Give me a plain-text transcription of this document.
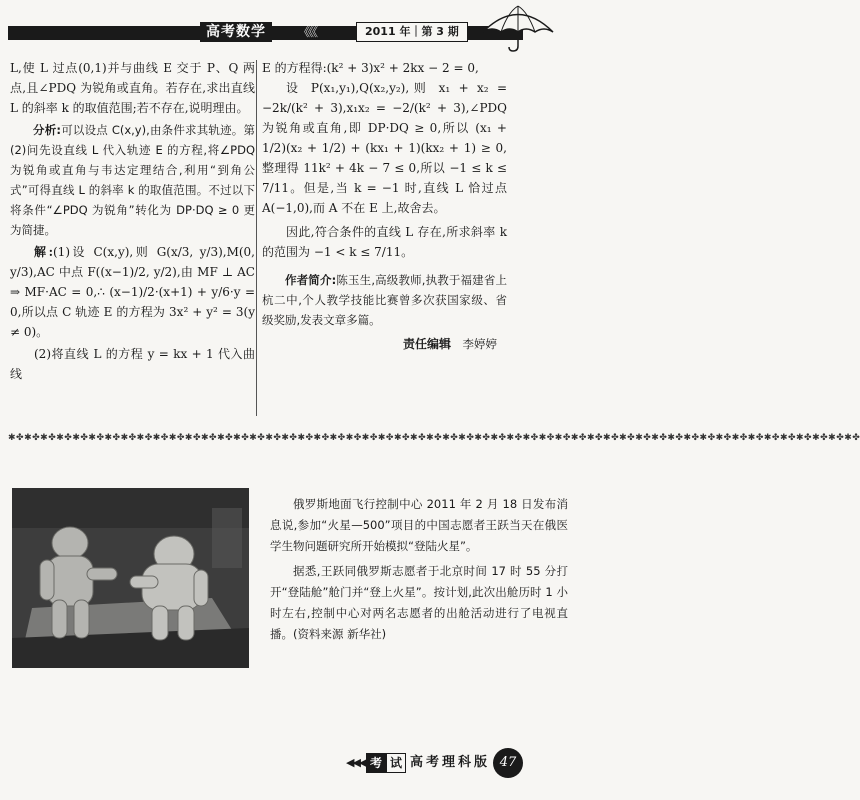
高考数学	《《《	2011 年｜第 3 期

L,使 L 过点(0,1)并与曲线 E 交于 P、Q 两点,且∠PDQ 为锐角或直角。若存在,求出直线 L 的斜率 k 的取值范围;若不存在,说明理由。

分析:可以设点 C(x,y),由条件求其轨迹。第(2)问先设直线 L 代入轨迹 E 的方程,将∠PDQ 为锐角或直角与韦达定理结合,利用“到角公式”可得直线 L 的斜率 k 的取值范围。不过以下将条件“∠PDQ 为锐角”转化为 DP·DQ ≥ 0 更为简捷。

解:(1)设 C(x,y),则 G(x/3, y/3),M(0, y/3),AC 中点 F((x−1)/2, y/2),由 MF ⊥ AC ⇒ MF·AC = 0,∴ (x−1)/2·(x+1) + y/6·y = 0,所以点 C 轨迹 E 的方程为 3x² + y² = 3(y ≠ 0)。

(2)将直线 L 的方程 y = kx + 1 代入曲线

E 的方程得:(k² + 3)x² + 2kx − 2 = 0,

设 P(x₁,y₁),Q(x₂,y₂),则 x₁ + x₂ = −2k/(k² + 3),x₁x₂ = −2/(k² + 3),∠PDQ 为锐角或直角,即 DP·DQ ≥ 0,所以 (x₁ + 1/2)(x₂ + 1/2) + (kx₁ + 1)(kx₂ + 1) ≥ 0,整理得 11k² + 4k − 7 ≤ 0,所以 −1 ≤ k ≤ 7/11。但是,当 k = −1 时,直线 L 恰过点 A(−1,0),而 A 不在 E 上,故舍去。

因此,符合条件的直线 L 存在,所求斜率 k 的范围为 −1 < k ≤ 7/11。

作者简介:陈玉生,高级教师,执教于福建省上杭二中,个人教学技能比赛曾多次获国家级、省级奖励,发表文章多篇。

责任编辑 李婷婷

✱✤✱✤✱✤✱✤✱✤✱✤✱✤✱✤✱✤✱✤✱✤✱✤✱✤✱✤✱✤✱✤✱✤✱✤✱✤✱✤✱✤✱✤✱✤✱✤✱✤✱✤✱✤✱✤✱✤✱✤✱✤✱✤✱✤✱✤✱✤✱✤✱✤✱✤✱✤✱✤✱✤✱✤✱✤✱✤✱✤✱✤✱✤✱✤✱✤✱✤✱✤✱✤✱✤

俄罗斯地面飞行控制中心 2011 年 2 月 18 日发布消息说,参加“火星—500”项目的中国志愿者王跃当天在俄医学生物问题研究所开始模拟“登陆火星”。

据悉,王跃同俄罗斯志愿者于北京时间 17 时 55 分打开“登陆舱”舱门并“登上火星”。按计划,此次出舱历时 1 小时左右,控制中心对两名志愿者的出舱活动进行了电视直播。(资料来源 新华社)

◀◀◀ 考 试 高考理科版 47
